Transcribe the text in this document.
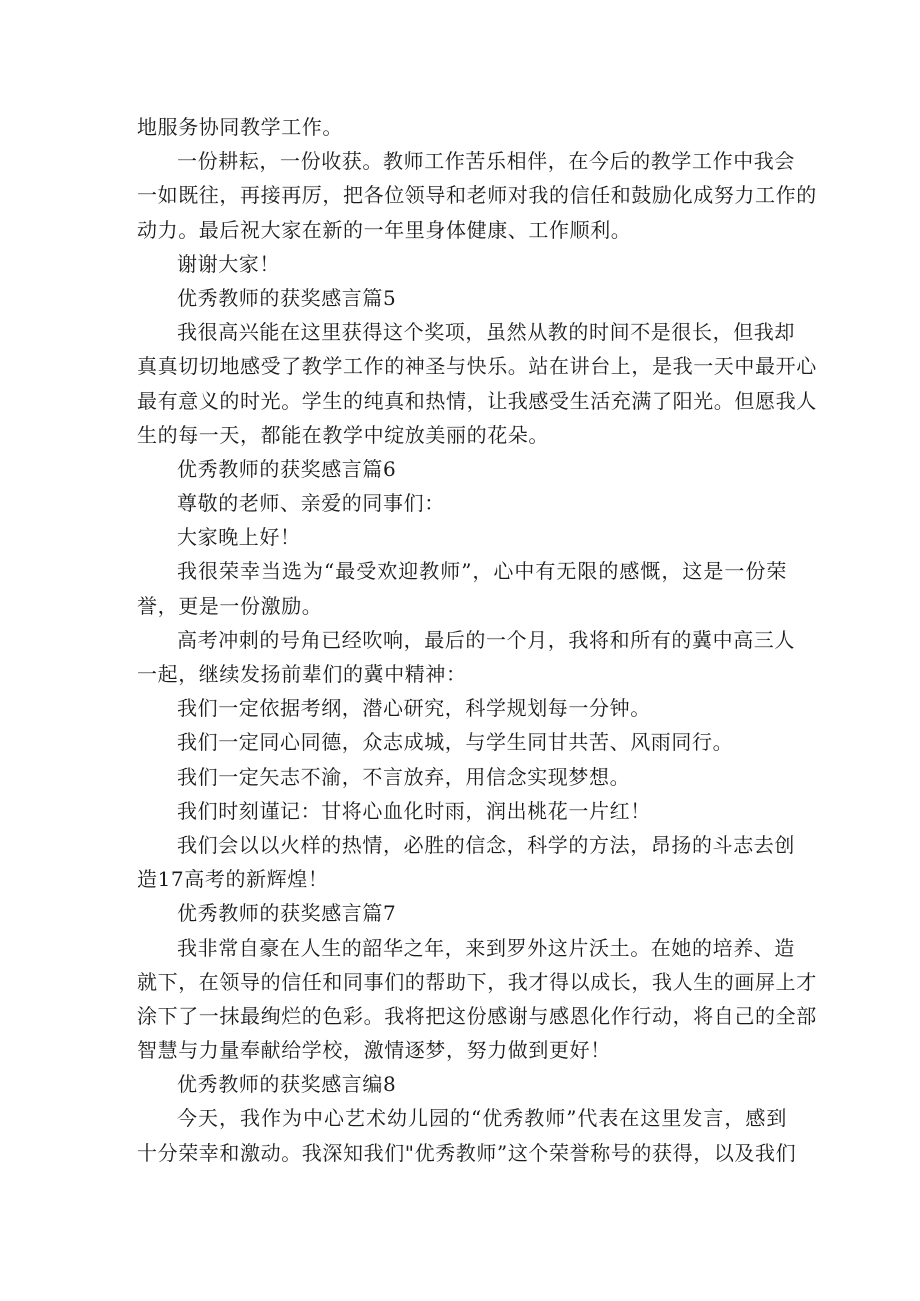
地服务协同教学工作。
一份耕耘，一份收获。教师工作苦乐相伴，在今后的教学工作中我会
一如既往，再接再厉，把各位领导和老师对我的信任和鼓励化成努力工作的
动力。最后祝大家在新的一年里身体健康、工作顺利。
谢谢大家！
优秀教师的获奖感言篇5
我很高兴能在这里获得这个奖项，虽然从教的时间不是很长，但我却
真真切切地感受了教学工作的神圣与快乐。站在讲台上，是我一天中最开心
最有意义的时光。学生的纯真和热情，让我感受生活充满了阳光。但愿我人
生的每一天，都能在教学中绽放美丽的花朵。
优秀教师的获奖感言篇6
尊敬的老师、亲爱的同事们：
大家晚上好！
我很荣幸当选为“最受欢迎教师”，心中有无限的感慨，这是一份荣
誉，更是一份激励。
高考冲刺的号角已经吹响，最后的一个月，我将和所有的冀中高三人
一起，继续发扬前辈们的冀中精神：
我们一定依据考纲，潜心研究，科学规划每一分钟。
我们一定同心同德，众志成城，与学生同甘共苦、风雨同行。
我们一定矢志不渝，不言放弃，用信念实现梦想。
我们时刻谨记：甘将心血化时雨，润出桃花一片红！
我们会以以火样的热情，必胜的信念，科学的方法，昂扬的斗志去创
造17高考的新辉煌！
优秀教师的获奖感言篇7
我非常自豪在人生的韶华之年，来到罗外这片沃土。在她的培养、造
就下，在领导的信任和同事们的帮助下，我才得以成长，我人生的画屏上才
涂下了一抹最绚烂的色彩。我将把这份感谢与感恩化作行动，将自己的全部
智慧与力量奉献给学校，激情逐梦，努力做到更好！
优秀教师的获奖感言编8
今天，我作为中心艺术幼儿园的“优秀教师”代表在这里发言，感到
十分荣幸和激动。我深知我们"优秀教师”这个荣誉称号的获得，以及我们
